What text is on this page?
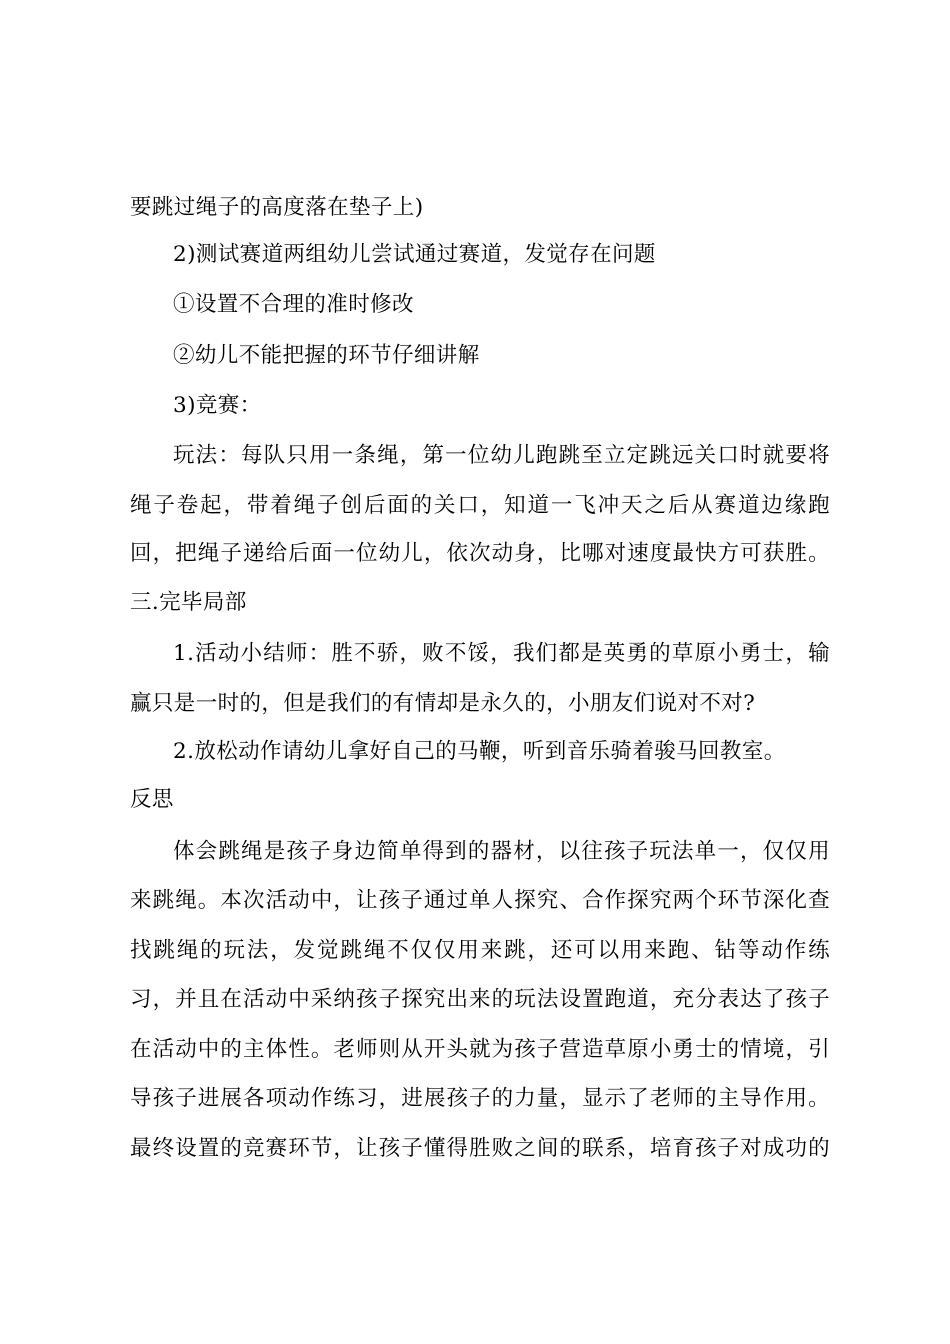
要跳过绳子的高度落在垫子上)
2)测试赛道两组幼儿尝试通过赛道，发觉存在问题
①设置不合理的准时修改
②幼儿不能把握的环节仔细讲解
3)竞赛：
玩法：每队只用一条绳，第一位幼儿跑跳至立定跳远关口时就要将
绳子卷起，带着绳子创后面的关口，知道一飞冲天之后从赛道边缘跑
回，把绳子递给后面一位幼儿，依次动身，比哪对速度最快方可获胜。
三.完毕局部
1.活动小结师：胜不骄，败不馁，我们都是英勇的草原小勇士，输
赢只是一时的，但是我们的有情却是永久的，小朋友们说对不对?
2.放松动作请幼儿拿好自己的马鞭，听到音乐骑着骏马回教室。
反思
体会跳绳是孩子身边简单得到的器材，以往孩子玩法单一，仅仅用
来跳绳。本次活动中，让孩子通过单人探究、合作探究两个环节深化查
找跳绳的玩法，发觉跳绳不仅仅用来跳，还可以用来跑、钻等动作练
习，并且在活动中采纳孩子探究出来的玩法设置跑道，充分表达了孩子
在活动中的主体性。老师则从开头就为孩子营造草原小勇士的情境，引
导孩子进展各项动作练习，进展孩子的力量，显示了老师的主导作用。
最终设置的竞赛环节，让孩子懂得胜败之间的联系，培育孩子对成功的
